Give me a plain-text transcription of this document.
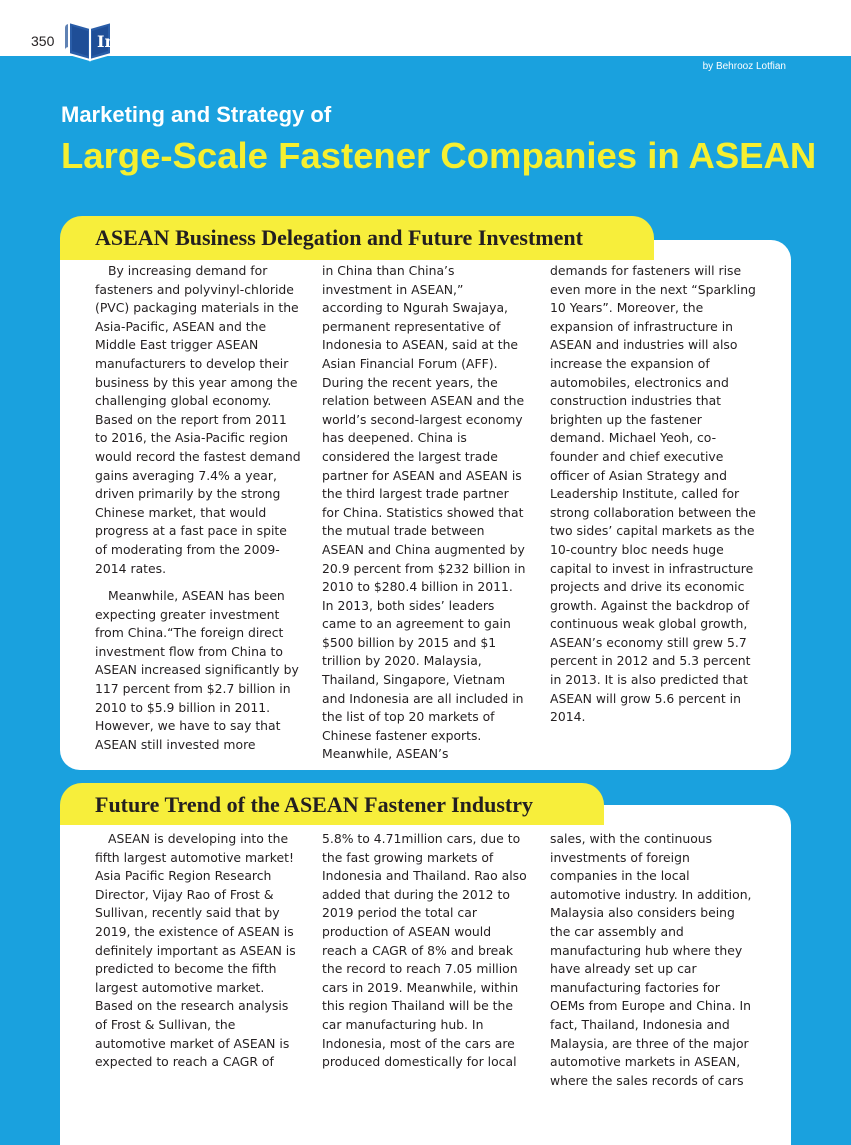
350	Industry Focus
by Behrooz Lotfian
Marketing and Strategy of
Large-Scale Fastener Companies in ASEAN
ASEAN Business Delegation and Future Investment

By increasing demand for fasteners and polyvinyl-chloride (PVC) packaging materials in the Asia-Pacific, ASEAN and the Middle East trigger ASEAN manufacturers to develop their business by this year among the challenging global economy. Based on the report from 2011 to 2016, the Asia-Pacific region would record the fastest demand gains averaging 7.4% a year, driven primarily by the strong Chinese market, that would progress at a fast pace in spite of moderating from the 2009-2014 rates.

Meanwhile, ASEAN has been expecting greater investment from China.“The foreign direct investment flow from China to ASEAN increased significantly by 117 percent from $2.7 billion in 2010 to $5.9 billion in 2011. However, we have to say that ASEAN still invested more

in China than China’s investment in ASEAN,” according to Ngurah Swajaya, permanent representative of Indonesia to ASEAN, said at the Asian Financial Forum (AFF). During the recent years, the relation between ASEAN and the world’s second-largest economy has deepened. China is considered the largest trade partner for ASEAN and ASEAN is the third largest trade partner for China. Statistics showed that the mutual trade between ASEAN and China augmented by 20.9 percent from $232 billion in 2010 to $280.4 billion in 2011. In 2013, both sides’ leaders came to an agreement to gain $500 billion by 2015 and $1 trillion by 2020. Malaysia, Thailand, Singapore, Vietnam and Indonesia are all included in the list of top 20 markets of Chinese fastener exports. Meanwhile, ASEAN’s

demands for fasteners will rise even more in the next “Sparkling 10 Years”. Moreover, the expansion of infrastructure in ASEAN and industries will also increase the expansion of automobiles, electronics and construction industries that brighten up the fastener demand. Michael Yeoh, co-founder and chief executive officer of Asian Strategy and Leadership Institute, called for strong collaboration between the two sides’ capital markets as the 10-country bloc needs huge capital to invest in infrastructure projects and drive its economic growth. Against the backdrop of continuous weak global growth, ASEAN’s economy still grew 5.7 percent in 2012 and 5.3 percent in 2013. It is also predicted that ASEAN will grow 5.6 percent in 2014.

Future Trend of the ASEAN Fastener Industry

ASEAN is developing into the fifth largest automotive market! Asia Pacific Region Research Director, Vijay Rao of Frost & Sullivan, recently said that by 2019, the existence of ASEAN is definitely important as ASEAN is predicted to become the fifth largest automotive market. Based on the research analysis of Frost & Sullivan, the automotive market of ASEAN is expected to reach a CAGR of

5.8% to 4.71million cars, due to the fast growing markets of Indonesia and Thailand. Rao also added that during the 2012 to 2019 period the total car production of ASEAN would reach a CAGR of 8% and break the record to reach 7.05 million cars in 2019. Meanwhile, within this region Thailand will be the car manufacturing hub. In Indonesia, most of the cars are produced domestically for local

sales, with the continuous investments of foreign companies in the local automotive industry. In addition, Malaysia also considers being the car assembly and manufacturing hub where they have already set up car manufacturing factories for OEMs from Europe and China. In fact, Thailand, Indonesia and Malaysia, are three of the major automotive markets in ASEAN, where the sales records of cars
